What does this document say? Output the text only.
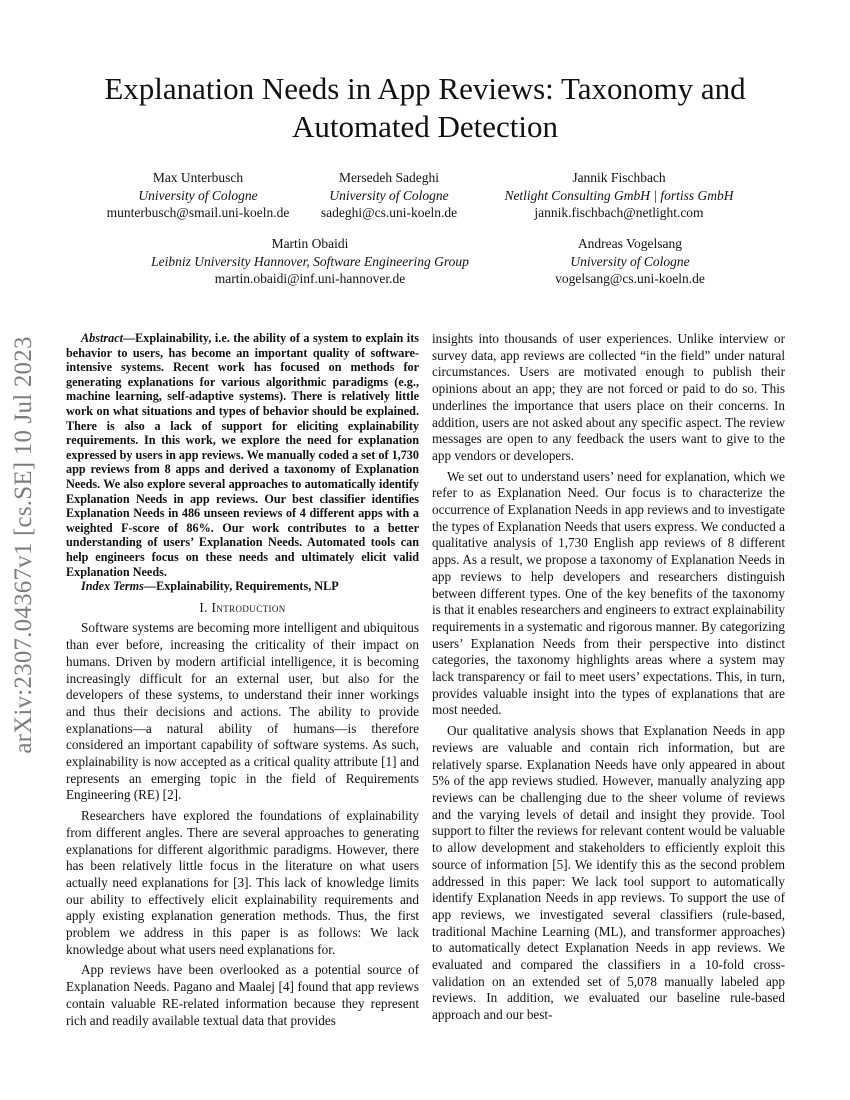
arXiv:2307.04367v1 [cs.SE] 10 Jul 2023
Explanation Needs in App Reviews: Taxonomy and Automated Detection
Max Unterbusch
University of Cologne
munterbusch@smail.uni-koeln.de
Mersedeh Sadeghi
University of Cologne
sadeghi@cs.uni-koeln.de
Jannik Fischbach
Netlight Consulting GmbH | fortiss GmbH
jannik.fischbach@netlight.com
Martin Obaidi
Leibniz University Hannover, Software Engineering Group
martin.obaidi@inf.uni-hannover.de
Andreas Vogelsang
University of Cologne
vogelsang@cs.uni-koeln.de

Abstract—Explainability, i.e. the ability of a system to explain its behavior to users, has become an important quality of software-intensive systems. Recent work has focused on methods for generating explanations for various algorithmic paradigms (e.g., machine learning, self-adaptive systems). There is relatively little work on what situations and types of behavior should be explained. There is also a lack of support for eliciting explainability requirements. In this work, we explore the need for explanation expressed by users in app reviews. We manually coded a set of 1,730 app reviews from 8 apps and derived a taxonomy of Explanation Needs. We also explore several approaches to automatically identify Explanation Needs in app reviews. Our best classifier identifies Explanation Needs in 486 unseen reviews of 4 different apps with a weighted F-score of 86%. Our work contributes to a better understanding of users’ Explanation Needs. Automated tools can help engineers focus on these needs and ultimately elicit valid Explanation Needs.

Index Terms—Explainability, Requirements, NLP

I. Introduction

Software systems are becoming more intelligent and ubiquitous than ever before, increasing the criticality of their impact on humans. Driven by modern artificial intelligence, it is becoming increasingly difficult for an external user, but also for the developers of these systems, to understand their inner workings and thus their decisions and actions. The ability to provide explanations—a natural ability of humans—is therefore considered an important capability of software systems. As such, explainability is now accepted as a critical quality attribute [1] and represents an emerging topic in the field of Requirements Engineering (RE) [2].

Researchers have explored the foundations of explainability from different angles. There are several approaches to generating explanations for different algorithmic paradigms. However, there has been relatively little focus in the literature on what users actually need explanations for [3]. This lack of knowledge limits our ability to effectively elicit explainability requirements and apply existing explanation generation methods. Thus, the first problem we address in this paper is as follows: We lack knowledge about what users need explanations for.

App reviews have been overlooked as a potential source of Explanation Needs. Pagano and Maalej [4] found that app reviews contain valuable RE-related information because they represent rich and readily available textual data that provides

insights into thousands of user experiences. Unlike interview or survey data, app reviews are collected “in the field” under natural circumstances. Users are motivated enough to publish their opinions about an app; they are not forced or paid to do so. This underlines the importance that users place on their concerns. In addition, users are not asked about any specific aspect. The review messages are open to any feedback the users want to give to the app vendors or developers.

We set out to understand users’ need for explanation, which we refer to as Explanation Need. Our focus is to characterize the occurrence of Explanation Needs in app reviews and to investigate the types of Explanation Needs that users express. We conducted a qualitative analysis of 1,730 English app reviews of 8 different apps. As a result, we propose a taxonomy of Explanation Needs in app reviews to help developers and researchers distinguish between different types. One of the key benefits of the taxonomy is that it enables researchers and engineers to extract explainability requirements in a systematic and rigorous manner. By categorizing users’ Explanation Needs from their perspective into distinct categories, the taxonomy highlights areas where a system may lack transparency or fail to meet users’ expectations. This, in turn, provides valuable insight into the types of explanations that are most needed.

Our qualitative analysis shows that Explanation Needs in app reviews are valuable and contain rich information, but are relatively sparse. Explanation Needs have only appeared in about 5% of the app reviews studied. However, manually analyzing app reviews can be challenging due to the sheer volume of reviews and the varying levels of detail and insight they provide. Tool support to filter the reviews for relevant content would be valuable to allow development and stakeholders to efficiently exploit this source of information [5]. We identify this as the second problem addressed in this paper: We lack tool support to automatically identify Explanation Needs in app reviews. To support the use of app reviews, we investigated several classifiers (rule-based, traditional Machine Learning (ML), and transformer approaches) to automatically detect Explanation Needs in app reviews. We evaluated and compared the classifiers in a 10-fold cross-validation on an extended set of 5,078 manually labeled app reviews. In addition, we evaluated our baseline rule-based approach and our best-
